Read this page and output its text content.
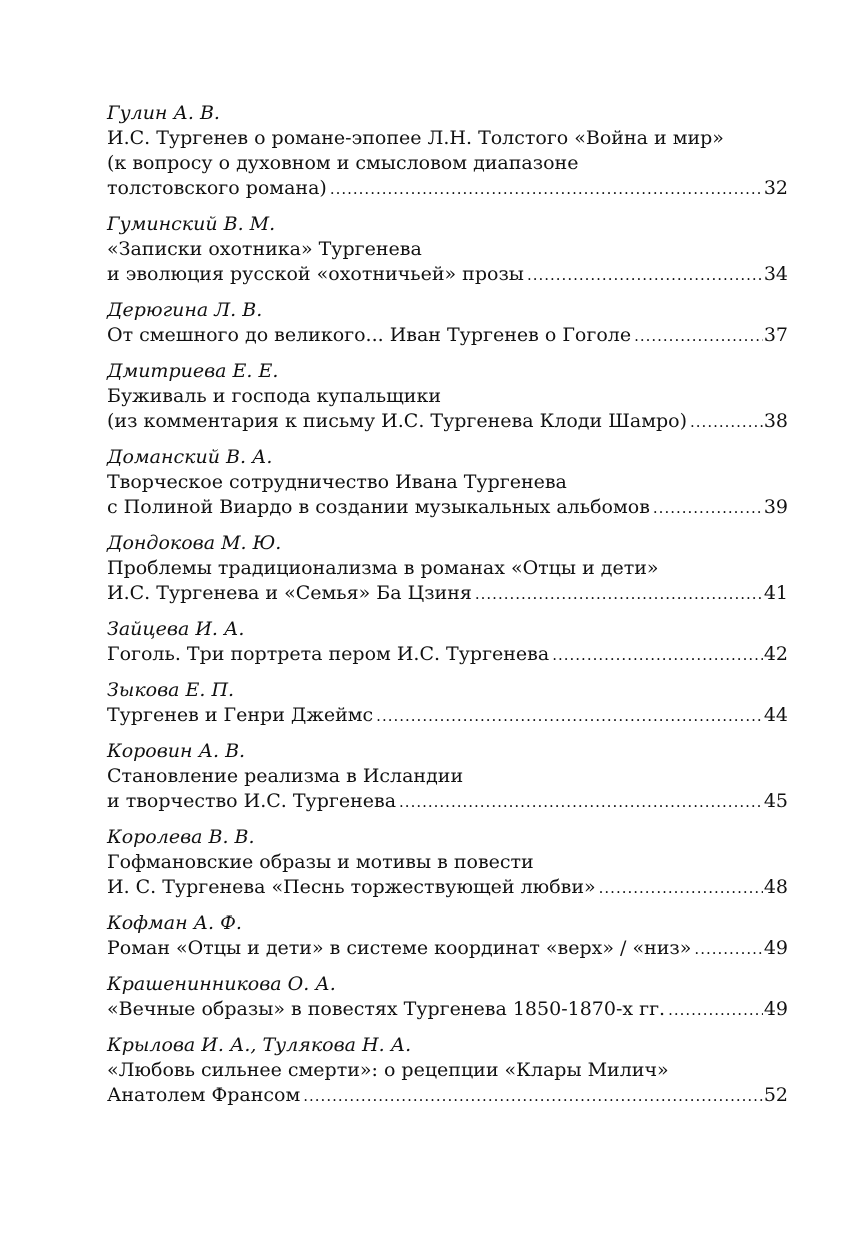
Гулин А. В.
И.С. Тургенев о романе-эпопее Л.Н. Толстого «Война и мир»
(к вопросу о духовном и смысловом диапазоне
толстовского романа) .....	32
Гуминский В. М.
«Записки охотника» Тургенева
и эволюция русской «охотничьей» прозы .....	34
Дерюгина Л. В.
От смешного до великого... Иван Тургенев о Гоголе .....	37
Дмитриева Е. Е.
Буживаль и господа купальщики
(из комментария к письму И.С. Тургенева Клоди Шамро) .....	38
Доманский В. А.
Творческое сотрудничество Ивана Тургенева
с Полиной Виардо в создании музыкальных альбомов .....	39
Дондокова М. Ю.
Проблемы традиционализма в романах «Отцы и дети»
И.С. Тургенева и «Семья» Ба Цзиня .....	41
Зайцева И. А.
Гоголь. Три портрета пером И.С. Тургенева .....	42
Зыкова Е. П.
Тургенев и Генри Джеймс .....	44
Коровин А. В.
Становление реализма в Исландии
и творчество И.С. Тургенева .....	45
Королева В. В.
Гофмановские образы и мотивы в повести
И. С. Тургенева «Песнь торжествующей любви» .....	48
Кофман А. Ф.
Роман «Отцы и дети» в системе координат «верх» / «низ» .....	49
Крашенинникова О. А.
«Вечные образы» в повестях Тургенева 1850-1870-х гг. .....	49
Крылова И. А., Тулякова Н. А.
«Любовь сильнее смерти»: о рецепции «Клары Милич»
Анатолем Франсом .....	52
